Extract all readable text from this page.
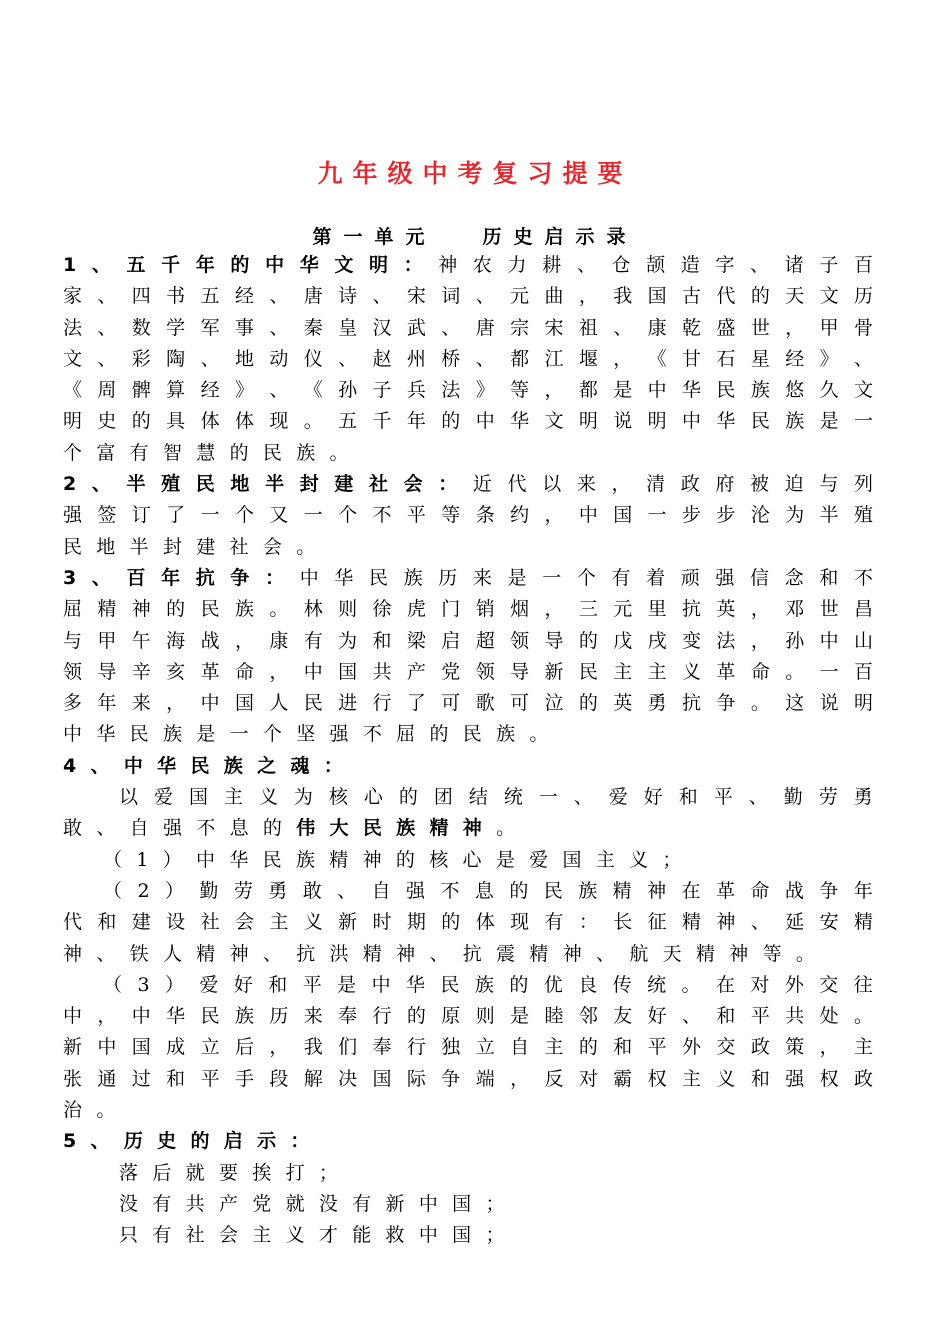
九年级中考复习提要
第一单元 历史启示录
1 、 五 千 年 的 中 华 文 明 ： 神 农 力 耕 、 仓 颉 造 字 、 诸 子 百
家 、 四 书 五 经 、 唐 诗 、 宋 词 、 元 曲 ， 我 国 古 代 的 天 文 历
法 、 数 学 军 事 、 秦 皇 汉 武 、 唐 宗 宋 祖 、 康 乾 盛 世 ， 甲 骨
文 、 彩 陶 、 地 动 仪 、 赵 州 桥 、 都 江 堰 ， 《 甘 石 星 经 》 、
《 周 髀 算 经 》 、 《 孙 子 兵 法 》 等 ， 都 是 中 华 民 族 悠 久 文
明 史 的 具 体 体 现 。 五 千 年 的 中 华 文 明 说 明 中 华 民 族 是 一
个 富 有 智 慧 的 民 族 。
2 、 半 殖 民 地 半 封 建 社 会 ： 近 代 以 来 ， 清 政 府 被 迫 与 列
强 签 订 了 一 个 又 一 个 不 平 等 条 约 ， 中 国 一 步 步 沦 为 半 殖
民 地 半 封 建 社 会 。
3 、 百 年 抗 争 ： 中 华 民 族 历 来 是 一 个 有 着 顽 强 信 念 和 不
屈 精 神 的 民 族 。 林 则 徐 虎 门 销 烟 ， 三 元 里 抗 英 ， 邓 世 昌
与 甲 午 海 战 ， 康 有 为 和 梁 启 超 领 导 的 戊 戌 变 法 ， 孙 中 山
领 导 辛 亥 革 命 ， 中 国 共 产 党 领 导 新 民 主 主 义 革 命 。 一 百
多 年 来 ， 中 国 人 民 进 行 了 可 歌 可 泣 的 英 勇 抗 争 。 这 说 明
中 华 民 族 是 一 个 坚 强 不 屈 的 民 族 。
4 、 中 华 民 族 之 魂 ：
以 爱 国 主 义 为 核 心 的 团 结 统 一 、 爱 好 和 平 、 勤 劳 勇
敢 、 自 强 不 息 的 伟 大 民 族 精 神 。
（ 1 ） 中 华 民 族 精 神 的 核 心 是 爱 国 主 义 ；
（ 2 ） 勤 劳 勇 敢 、 自 强 不 息 的 民 族 精 神 在 革 命 战 争 年
代 和 建 设 社 会 主 义 新 时 期 的 体 现 有 ： 长 征 精 神 、 延 安 精
神 、 铁 人 精 神 、 抗 洪 精 神 、 抗 震 精 神 、 航 天 精 神 等 。
（ 3 ） 爱 好 和 平 是 中 华 民 族 的 优 良 传 统 。 在 对 外 交 往
中 ， 中 华 民 族 历 来 奉 行 的 原 则 是 睦 邻 友 好 、 和 平 共 处 。
新 中 国 成 立 后 ， 我 们 奉 行 独 立 自 主 的 和 平 外 交 政 策 ， 主
张 通 过 和 平 手 段 解 决 国 际 争 端 ， 反 对 霸 权 主 义 和 强 权 政
治 。
5 、 历 史 的 启 示 ：
落 后 就 要 挨 打 ；
没 有 共 产 党 就 没 有 新 中 国 ；
只 有 社 会 主 义 才 能 救 中 国 ；
